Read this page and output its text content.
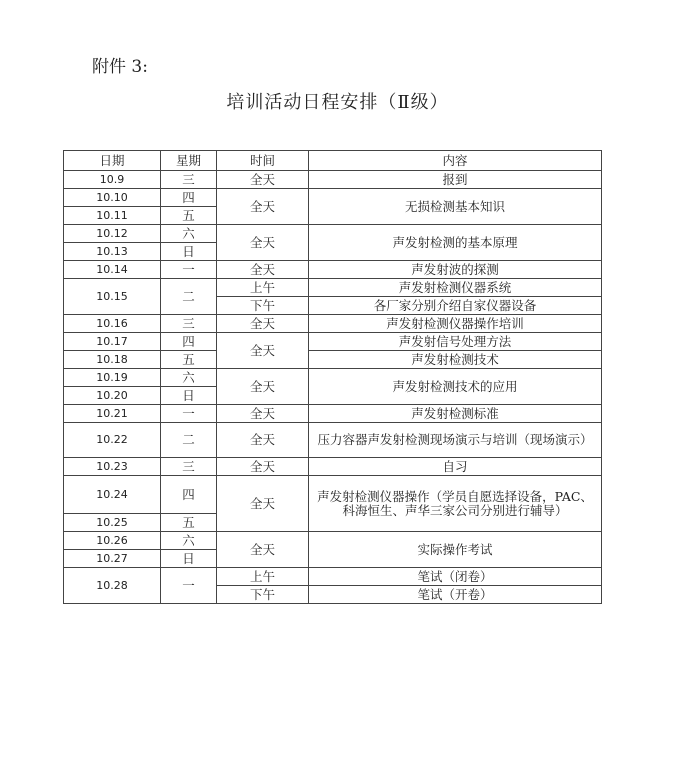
附件 3:
培训活动日程安排（Ⅱ级）
日期	星期	时间	内容
10.9	三	全天	报到
10.10	四	全天	无损检测基本知识
10.11	五		
10.12	六	全天	声发射检测的基本原理
10.13	日		
10.14	一	全天	声发射波的探测
10.15	二	上午	声发射检测仪器系统
		下午	各厂家分别介绍自家仪器设备
10.16	三	全天	声发射检测仪器操作培训
10.17	四	全天	声发射信号处理方法
10.18	五		声发射检测技术
10.19	六	全天	声发射检测技术的应用
10.20	日		
10.21	一	全天	声发射检测标准
10.22	二	全天	压力容器声发射检测现场演示与培训（现场演示）
10.23	三	全天	自习
10.24	四	全天	声发射检测仪器操作（学员自愿选择设备，PAC、科海恒生、声华三家公司分别进行辅导）
10.25	五		
10.26	六	全天	实际操作考试
10.27	日		
10.28	一	上午	笔试（闭卷）
		下午	笔试（开卷）
